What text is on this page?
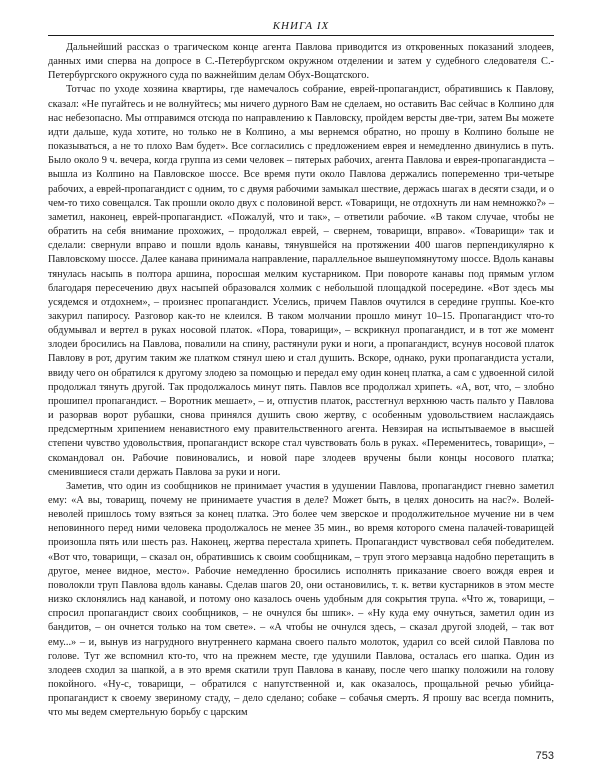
КНИГА IX

Дальнейший рассказ о трагическом конце агента Павлова приводится из откровенных показаний злодеев, данных ими сперва на допросе в С.-Петербургском окружном отделении и затем у судебного следователя С.-Петербургского окружного суда по важнейшим делам Обух-Вощатского.

Тотчас по уходе хозяина квартиры, где намечалось собрание, еврей-пропагандист, обратившись к Павлову, сказал: «Не пугайтесь и не волнуйтесь; мы ничего дурного Вам не сделаем, но оставить Вас сейчас в Колпино для нас небезопасно. Мы отправимся отсюда по направлению к Павловску, пройдем версты две-три, затем Вы можете идти дальше, куда хотите, но только не в Колпино, а мы вернемся обратно, но прошу в Колпино больше не показываться, а не то плохо Вам будет». Все согласились с предложением еврея и немедленно двинулись в путь. Было около 9 ч. вечера, когда группа из семи человек – пятерых рабочих, агента Павлова и еврея-пропагандиста – вышла из Колпино на Павловское шоссе. Все время пути около Павлова держались попеременно три-четыре рабочих, а еврей-пропагандист с одним, то с двумя рабочими замыкал шествие, держась шагах в десяти сзади, и о чем-то тихо совещался. Так прошли около двух с половиной верст. «Товарищи, не отдохнуть ли нам немножко?» – заметил, наконец, еврей-пропагандист. «Пожалуй, что и так», – ответили рабочие. «В таком случае, чтобы не обратить на себя внимание прохожих, – продолжал еврей, – свернем, товарищи, вправо». «Товарищи» так и сделали: свернули вправо и пошли вдоль канавы, тянувшейся на протяжении 400 шагов перпендикулярно к Павловскому шоссе. Далее канава принимала направление, параллельное вышеупомянутому шоссе. Вдоль канавы тянулась насыпь в полтора аршина, поросшая мелким кустарником. При повороте канавы под прямым углом благодаря пересечению двух насыпей образовался холмик с небольшой площадкой посередине. «Вот здесь мы усядемся и отдохнем», – произнес пропагандист. Уселись, причем Павлов очутился в середине группы. Кое-кто закурил папиросу. Разговор как-то не клеился. В таком молчании прошло минут 10–15. Пропагандист что-то обдумывал и вертел в руках носовой платок. «Пора, товарищи», – вскрикнул пропагандист, и в тот же момент злодеи бросились на Павлова, повалили на спину, растянули руки и ноги, а пропагандист, всунув носовой платок Павлову в рот, другим таким же платком стянул шею и стал душить. Вскоре, однако, руки пропагандиста устали, ввиду чего он обратился к другому злодею за помощью и передал ему один конец платка, а сам с удвоенной силой продолжал тянуть другой. Так продолжалось минут пять. Павлов все продолжал хрипеть. «А, вот, что, – злобно прошипел пропагандист. – Воротник мешает», – и, отпустив платок, расстегнул верхнюю часть пальто у Павлова и разорвав ворот рубашки, снова принялся душить свою жертву, с особенным удовольствием наслаждаясь предсмертным хрипением ненавистного ему правительственного агента. Невзирая на испытываемое в высшей степени чувство удовольствия, пропагандист вскоре стал чувствовать боль в руках. «Переменитесь, товарищи», – скомандовал он. Рабочие повиновались, и новой паре злодеев вручены были концы носового платка; сменившиеся стали держать Павлова за руки и ноги.

Заметив, что один из сообщников не принимает участия в удушении Павлова, пропагандист гневно заметил ему: «А вы, товарищ, почему не принимаете участия в деле? Может быть, в целях доносить на нас?». Волей-неволей пришлось тому взяться за конец платка. Это более чем зверское и продолжительное мучение ни в чем неповинного перед ними человека продолжалось не менее 35 мин., во время которого смена палачей-товарищей произошла пять или шесть раз. Наконец, жертва перестала хрипеть. Пропагандист чувствовал себя победителем. «Вот что, товарищи, – сказал он, обратившись к своим сообщникам, – труп этого мерзавца надобно перетащить в другое, менее видное, место». Рабочие немедленно бросились исполнять приказание своего вождя еврея и поволокли труп Павлова вдоль канавы. Сделав шагов 20, они остановились, т. к. ветви кустарников в этом месте низко склонялись над канавой, и потому оно казалось очень удобным для сокрытия трупа. «Что ж, товарищи, – спросил пропагандист своих сообщников, – не очнулся бы шпик». – «Ну куда ему очнуться, заметил один из бандитов, – он очнется только на том свете». – «А чтобы не очнулся здесь, – сказал другой злодей, – так вот ему...» – и, вынув из нагрудного внутреннего кармана своего пальто молоток, ударил со всей силой Павлова по голове. Тут же вспомнил кто-то, что на прежнем месте, где удушили Павлова, осталась его шапка. Один из злодеев сходил за шапкой, а в это время скатили труп Павлова в канаву, после чего шапку положили на голову покойного. «Ну-с, товарищи, – обратился с напутственной и, как оказалось, прощальной речью убийца-пропагандист к своему звериному стаду, – дело сделано; собаке – собачья смерть. Я прошу вас всегда помнить, что мы ведем смертельную борьбу с царским

753
